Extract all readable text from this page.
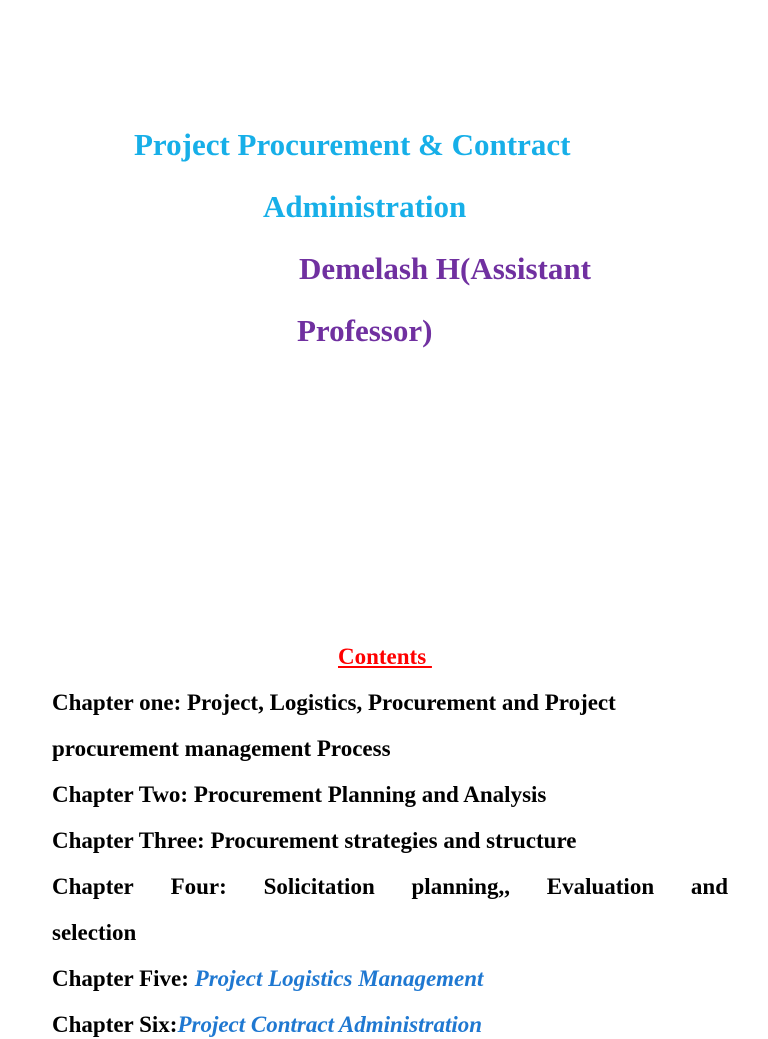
Project Procurement & Contract

Administration

Demelash H(Assistant

Professor)

Contents

Chapter one: Project, Logistics, Procurement and Project

procurement management Process

Chapter Two: Procurement Planning and Analysis

Chapter Three: Procurement strategies and structure

Chapter Four: Solicitation planning,, Evaluation and

selection

Chapter Five: Project Logistics Management

Chapter Six:Project Contract Administration
